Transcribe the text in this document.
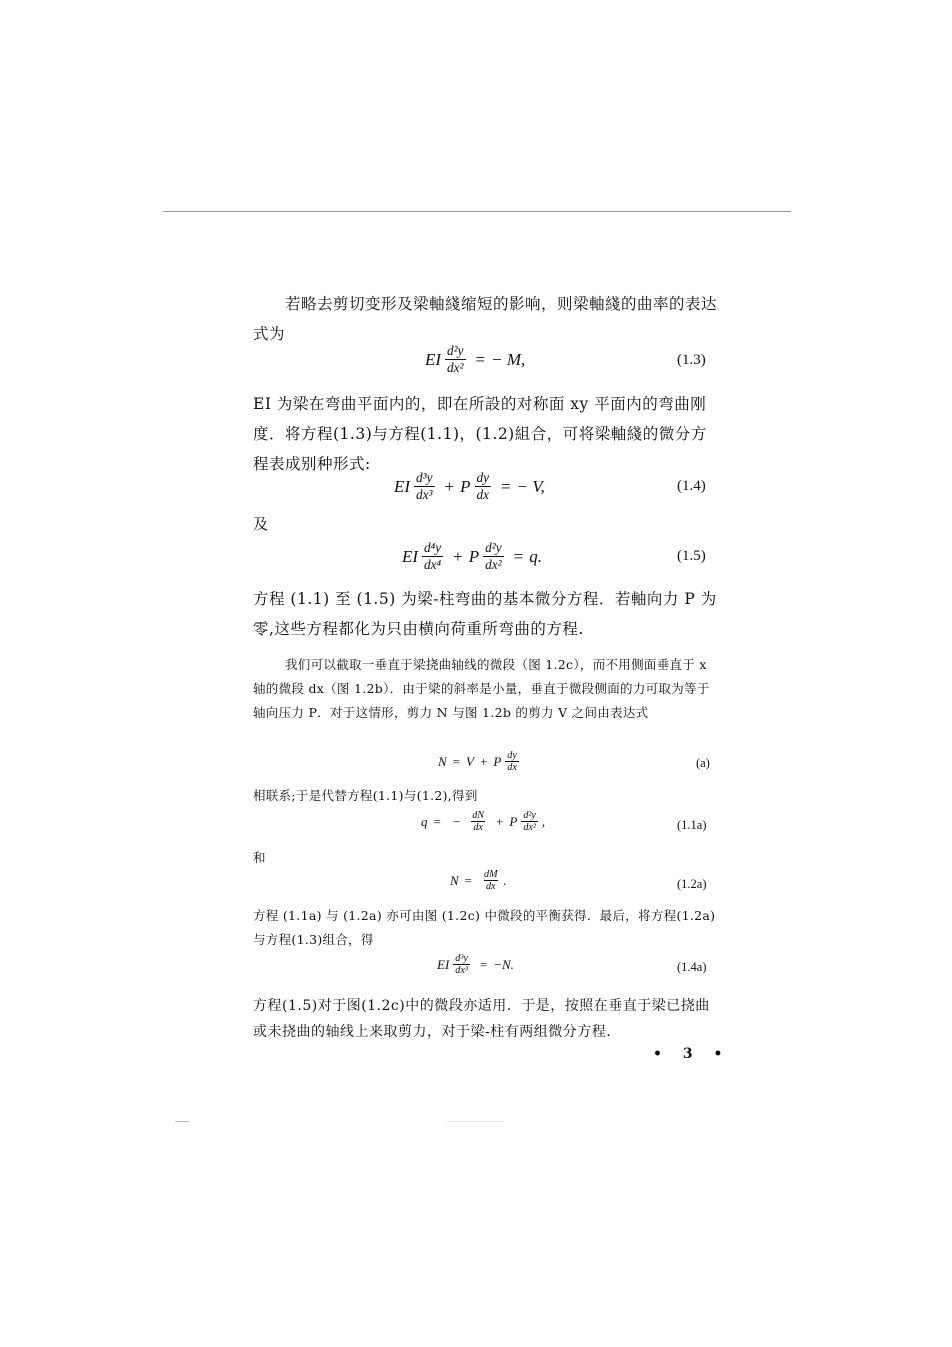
若略去剪切变形及梁軸綫缩短的影响，则梁軸綫的曲率的表达式为

EI $\frac{\text{d²y}}{\text{dx²}}$ = − M,	(1.3)

EI 为梁在弯曲平面内的，即在所設的对称面 xy 平面内的弯曲刚度．将方程(1.3)与方程(1.1)，(1.2)組合，可将梁軸綫的微分方程表成别种形式:

EI $\frac{\text{d³y}}{\text{dx³}} + P \frac{dy}{dx}$ = − V,	(1.4)
及
EI $\frac{\text{d⁴y}}{\text{dx⁴}} + P \frac{\text{d²y}}{\text{dx²}} = q$.	(1.5)

方程 (1.1) 至 (1.5) 为梁-柱弯曲的基本微分方程．若軸向力 P 为零,这些方程都化为只由横向荷重所弯曲的方程.

我们可以截取一垂直于梁挠曲轴线的微段（图 1.2c），而不用侧面垂直于 x 轴的微段 dx（图 1.2b）．由于梁的斜率是小量，垂直于微段侧面的力可取为等于轴向压力 P．对于这情形，剪力 N 与图 1.2b 的剪力 V 之间由表达式

N = V + P $\frac{dy}{dx}$	(a)

相联系;于是代替方程(1.1)与(1.2),得到

q = − $\frac{dN}{dx} + P \frac{\text{d²y}}{\text{dx²}}$ ,	(1.1a)
和
$N = \frac{dM}{dx}$ .	(1.2a)

方程 (1.1a) 与 (1.2a) 亦可由图 (1.2c) 中微段的平衡获得．最后，将方程(1.2a)与方程(1.3)组合，得

EI $\frac{\text{d³y}}{\text{dx³}} = -N$.	(1.4a)

方程(1.5)对于图(1.2c)中的微段亦适用．于是，按照在垂直于梁已挠曲或未挠曲的轴线上来取剪力，对于梁-柱有两组微分方程.

• 3 •
